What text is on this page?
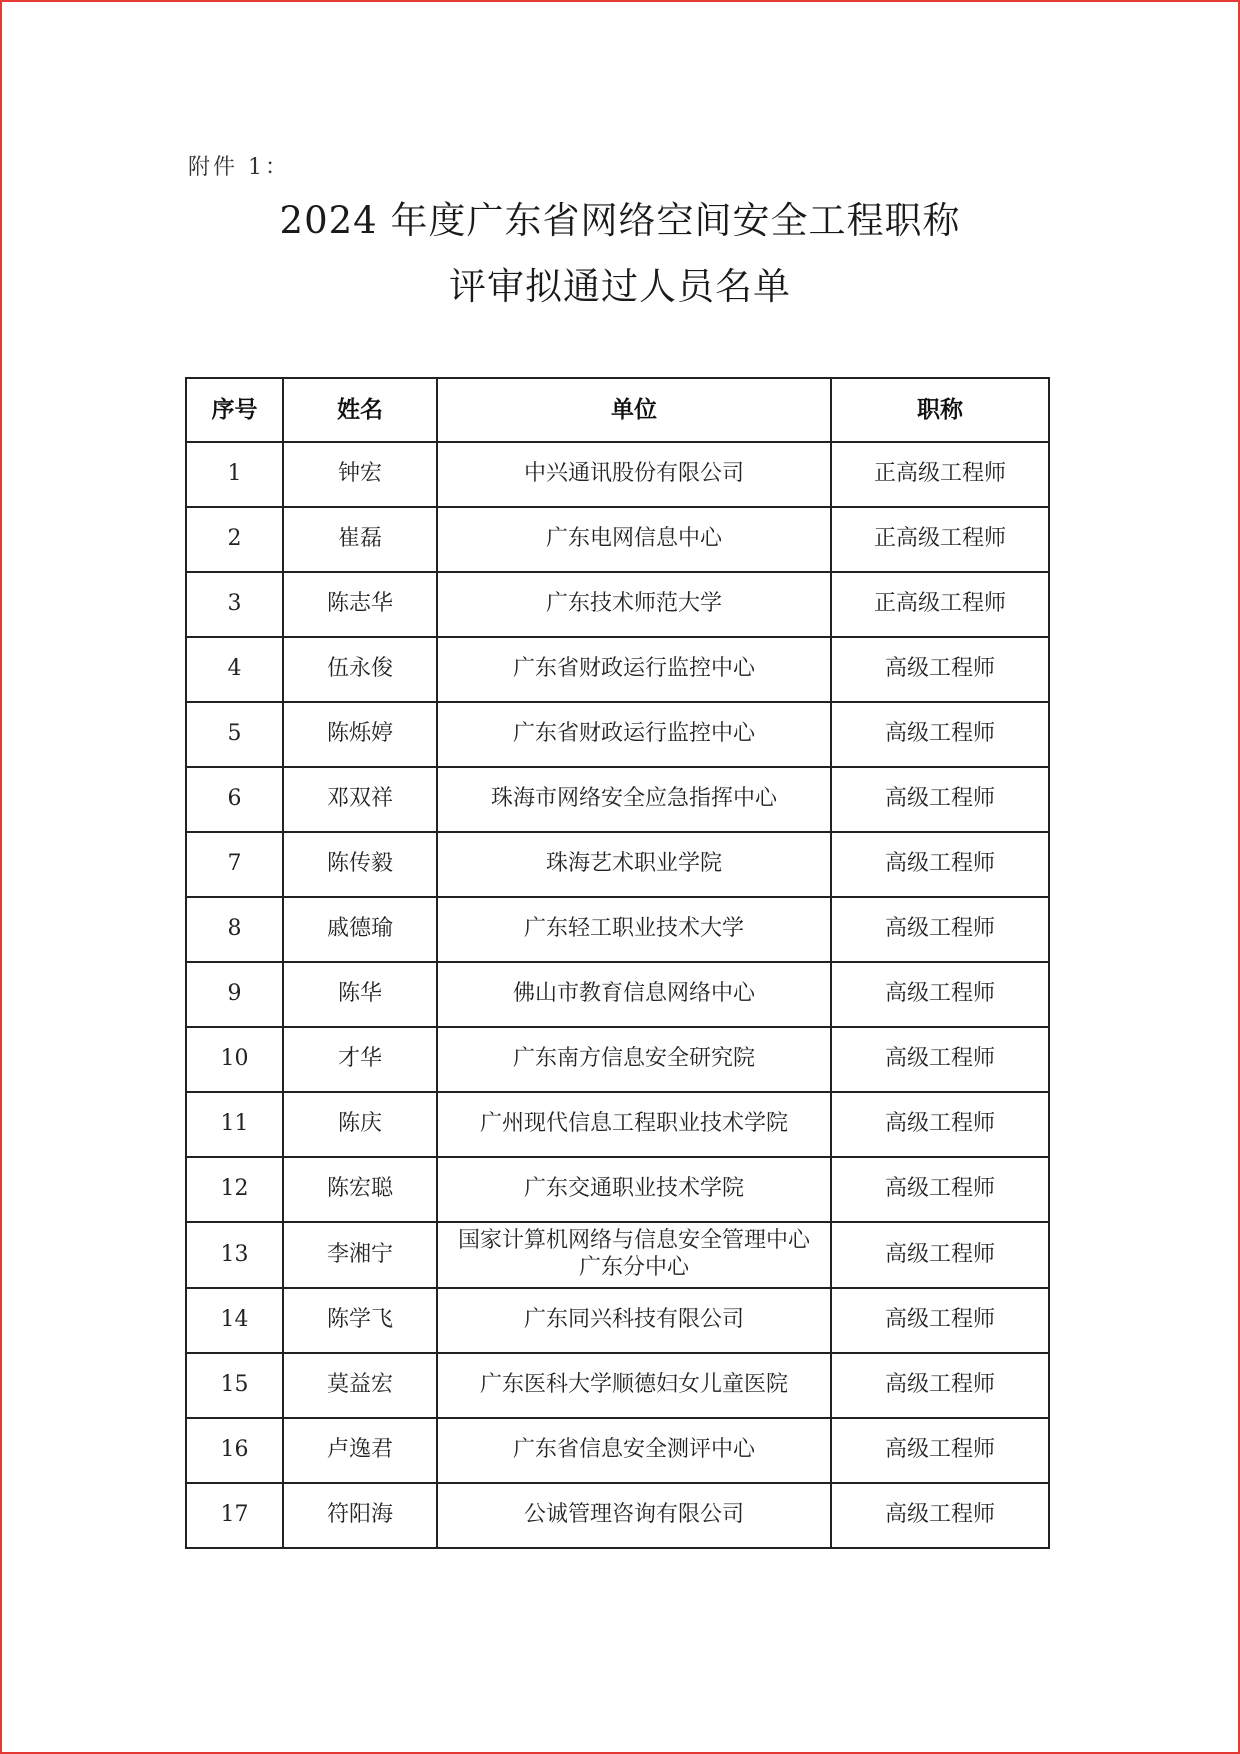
附件 1：
2024 年度广东省网络空间安全工程职称
评审拟通过人员名单
序号	姓名	单位	职称
1	钟宏	中兴通讯股份有限公司	正高级工程师
2	崔磊	广东电网信息中心	正高级工程师
3	陈志华	广东技术师范大学	正高级工程师
4	伍永俊	广东省财政运行监控中心	高级工程师
5	陈烁婷	广东省财政运行监控中心	高级工程师
6	邓双祥	珠海市网络安全应急指挥中心	高级工程师
7	陈传毅	珠海艺术职业学院	高级工程师
8	戚德瑜	广东轻工职业技术大学	高级工程师
9	陈华	佛山市教育信息网络中心	高级工程师
10	才华	广东南方信息安全研究院	高级工程师
11	陈庆	广州现代信息工程职业技术学院	高级工程师
12	陈宏聪	广东交通职业技术学院	高级工程师
13	李湘宁	国家计算机网络与信息安全管理中心
广东分中心	高级工程师
14	陈学飞	广东同兴科技有限公司	高级工程师
15	莫益宏	广东医科大学顺德妇女儿童医院	高级工程师
16	卢逸君	广东省信息安全测评中心	高级工程师
17	符阳海	公诚管理咨询有限公司	高级工程师
